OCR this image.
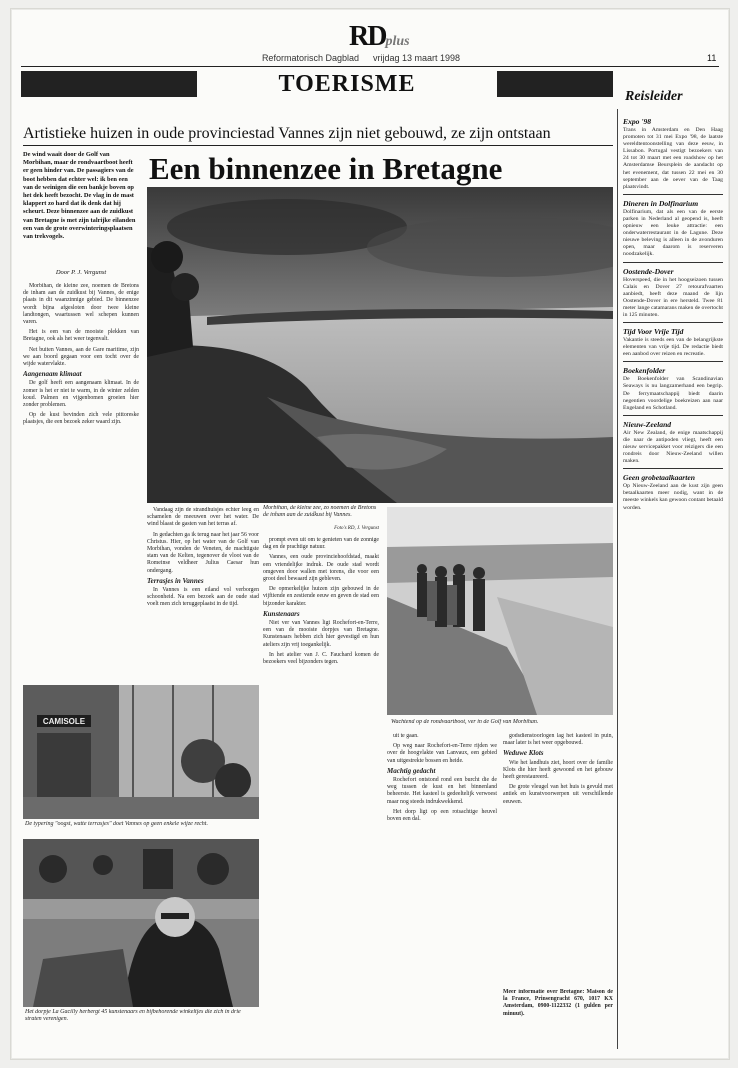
RDplus
Reformatorisch Dagblad vrijdag 13 maart 1998	11
TOERISME	Reisleider
Artistieke huizen in oude provinciestad Vannes zijn niet gebouwd, ze zijn ontstaan
Een binnenzee in Bretagne
De wind waait door de Golf van Morbihan, maar de rondvaartboot heeft er geen hinder van. De passagiers van de boot hebben dat echter wel: ik ben een van de weinigen die een bankje boven op het dek heeft bezocht. De vlag in de mast klappert zo hard dat ik denk dat hij scheurt. Deze binnenzee aan de zuidkust van Bretagne is met zijn talrijke eilanden een van de grote overwinteringsplaatsen van trekvogels.
Door P. J. Vergunst

Morbihan, de kleine zee, noemen de Bretons de inham aan de zuidkust bij Vannes, de enige plaats in dit waanzinnige gebied. De binnenzee wordt bijna afgesloten door twee kleine landtongen, waartussen wel schepen kunnen varen.

Het is een van de mooiste plekken van Bretagne, ook als het weer tegenvalt.

Net buiten Vannes, aan de Gare maritime, zijn we aan boord gegaan voor een tocht over de wijde watervlakte.

Aangenaam klimaat

De golf heeft een aangenaam klimaat. In de zomer is het er niet te warm, in de winter zelden koud. Palmen en vijgenbomen groeien hier zonder problemen.

Op de kust bevinden zich vele pittoreske plaatsjes, die een bezoek zeker waard zijn.

Morbihan, de kleine zee, zo noemen de Bretons de inham aan de zuidkust bij Vannes.
Foto's RD, J. Vergunst
Wachtend op de rondvaartboot, ver in de Golf van Morbihan.

Vandaag zijn de strandhuisjes echter leeg en schamelen de meeuwen over het water. De wind blaast de gasten van het terras af.

In gedachten ga ik terug naar het jaar 56 voor Christus. Hier, op het water van de Golf van Morbihan, vonden de Veneten, de machtigste stam van de Kelten, tegenover de vloot van de Romeinse veldheer Julius Caesar hun ondergang.

Terrasjes in Vannes

In Vannes is een eiland vol verborgen schoonheid. Na een bezoek aan de oude stad voelt men zich teruggeplaatst in de tijd.

prompt even uit om te genieten van de zonnige dag en de prachtige natuur.

Vannes, een oude provinciehoofdstad, maakt een vriendelijke indruk. De oude stad wordt omgeven door wallen met torens, die voor een groot deel bewaard zijn gebleven.

De opmerkelijke huizen zijn gebouwd in de vijftiende en zestiende eeuw en geven de stad een bijzonder karakter.

Kunstenaars

Niet ver van Vannes ligt Rochefort-en-Terre, een van de mooiste dorpjes van Bretagne. Kunstenaars hebben zich hier gevestigd en hun ateliers zijn vrij toegankelijk.

In het atelier van J. C. Fauchard komen de bezoekers veel bijzonders tegen.

uit te gaan.

Op weg naar Rochefort-en-Terre rijden we over de hoogvlakte van Lanvaux, een gebied van uitgestrekte bossen en heide.

Machtig gedacht

Rochefort ontstond rond een burcht die de weg tussen de kust en het binnenland beheerste. Het kasteel is gedeeltelijk verwoest maar nog steeds indrukwekkend.

Het dorp ligt op een rotsachtige heuvel boven een dal.

godsdienstoorlogen lag het kasteel in puin, maar later is het weer opgebouwd.

Weduwe Klots

Wie het landhuis ziet, hoort over de familie Klots die hier heeft gewoond en het gebouw heeft gerestaureerd.

De grote vleugel van het huis is gevuld met antiek en kunstvoorwerpen uit verschillende eeuwen.

Meer informatie over Bretagne: Maison de la France, Prinsengracht 670, 1017 KX Amsterdam, 0900-1122332 (1 gulden per minuut).
CAMISOLE
De typering "oogst, watte terrasjes" doet Vannes op geen enkele wijze recht.
Het dorpje La Gacilly herbergt 45 kunstenaars en bijbehorende winkeltjes die zich in drie straten verenigen.
Expo '98

Trans in Amsterdam en Den Haag promoten tot 31 mei Expo '98, de laatste wereldtentoonstelling van deze eeuw, in Lissabon. Portugal vestigt bezoekers van 24 tot 30 maart met een roadshow op het Amsterdamse Beursplein de aandacht op het evenement, dat tussen 22 mei en 30 september aan de oever van de Taag plaatsvindt.

Dineren in Dolfinarium

Dolfinarium, dat als een van de eerste parken in Nederland al geopend is, heeft opnieuw een leuke attractie: een onderwaterrestaurant in de Lagune. Deze nieuwe beleving is alleen in de avonduren open, maar daarom is reserveren noodzakelijk.

Oostende-Dover

Hoverspeed, die in het hoogseizoen tussen Calais en Dover 27 retourafvaarten aanbiedt, heeft deze maand de lijn Oostende-Dover in ere hersteld. Twee 81 meter lange catamarans maken de overtocht in 125 minuten.

Tijd Voor Vrije Tijd

Vakantie is steeds een van de belangrijkste elementen van vrije tijd. De redactie biedt een aanbod over reizen en recreatie.

Boekenfolder

De Boekenfolder van Scandinavian Seaways is nu langzamerhand een begrip. De ferrymaatschappij biedt daarin negentien voordelige boekreizen aan naar Engeland en Schotland.

Nieuw-Zeeland

Air New Zealand, de enige maatschappij die naar de antipoden vliegt, heeft een nieuw servicepakket voor reizigers die een rondreis door Nieuw-Zeeland willen maken.

Geen grobetaalkaarten

Op Nieuw-Zeeland aan de kust zijn geen betaalkaarten meer nodig, want in de meeste winkels kan gewoon contant betaald worden.
